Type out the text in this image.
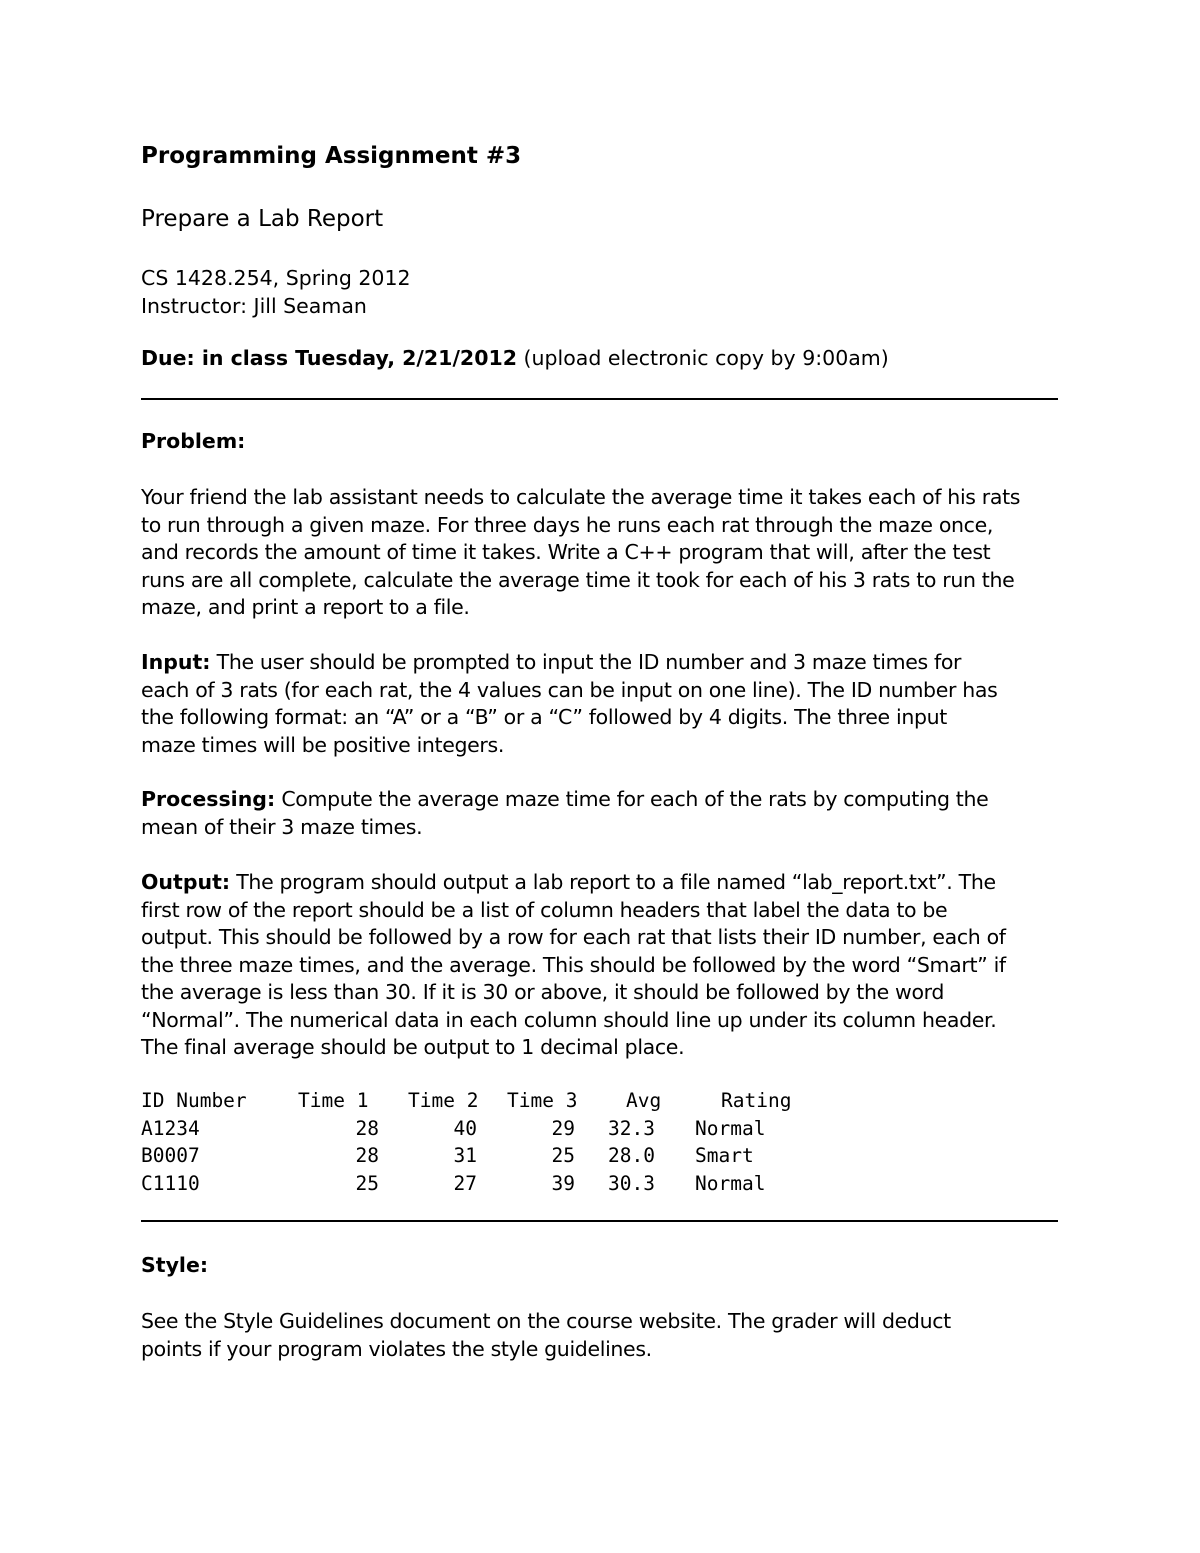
Programming Assignment #3
Prepare a Lab Report
CS 1428.254, Spring 2012
Instructor: Jill Seaman
Due: in class Tuesday, 2/21/2012 (upload electronic copy by 9:00am)
Problem:
Your friend the lab assistant needs to calculate the average time it takes each of his rats
to run through a given maze. For three days he runs each rat through the maze once,
and records the amount of time it takes. Write a C++ program that will, after the test
runs are all complete, calculate the average time it took for each of his 3 rats to run the
maze, and print a report to a file.
Input: The user should be prompted to input the ID number and 3 maze times for
each of 3 rats (for each rat, the 4 values can be input on one line). The ID number has
the following format: an “A” or a “B” or a “C” followed by 4 digits. The three input
maze times will be positive integers.
Processing: Compute the average maze time for each of the rats by computing the
mean of their 3 maze times.
Output: The program should output a lab report to a file named “lab_report.txt”. The
first row of the report should be a list of column headers that label the data to be
output. This should be followed by a row for each rat that lists their ID number, each of
the three maze times, and the average. This should be followed by the word “Smart” if
the average is less than 30. If it is 30 or above, it should be followed by the word
“Normal”. The numerical data in each column should line up under its column header.
The final average should be output to 1 decimal place.
ID Number	Time 1	Time 2	Time 3	Avg	Rating
A1234	28	40	29	32.3 Normal
B0007	28	31	25	28.0 Smart
C1110	25	27	39	30.3 Normal
Style:
See the Style Guidelines document on the course website. The grader will deduct
points if your program violates the style guidelines.
